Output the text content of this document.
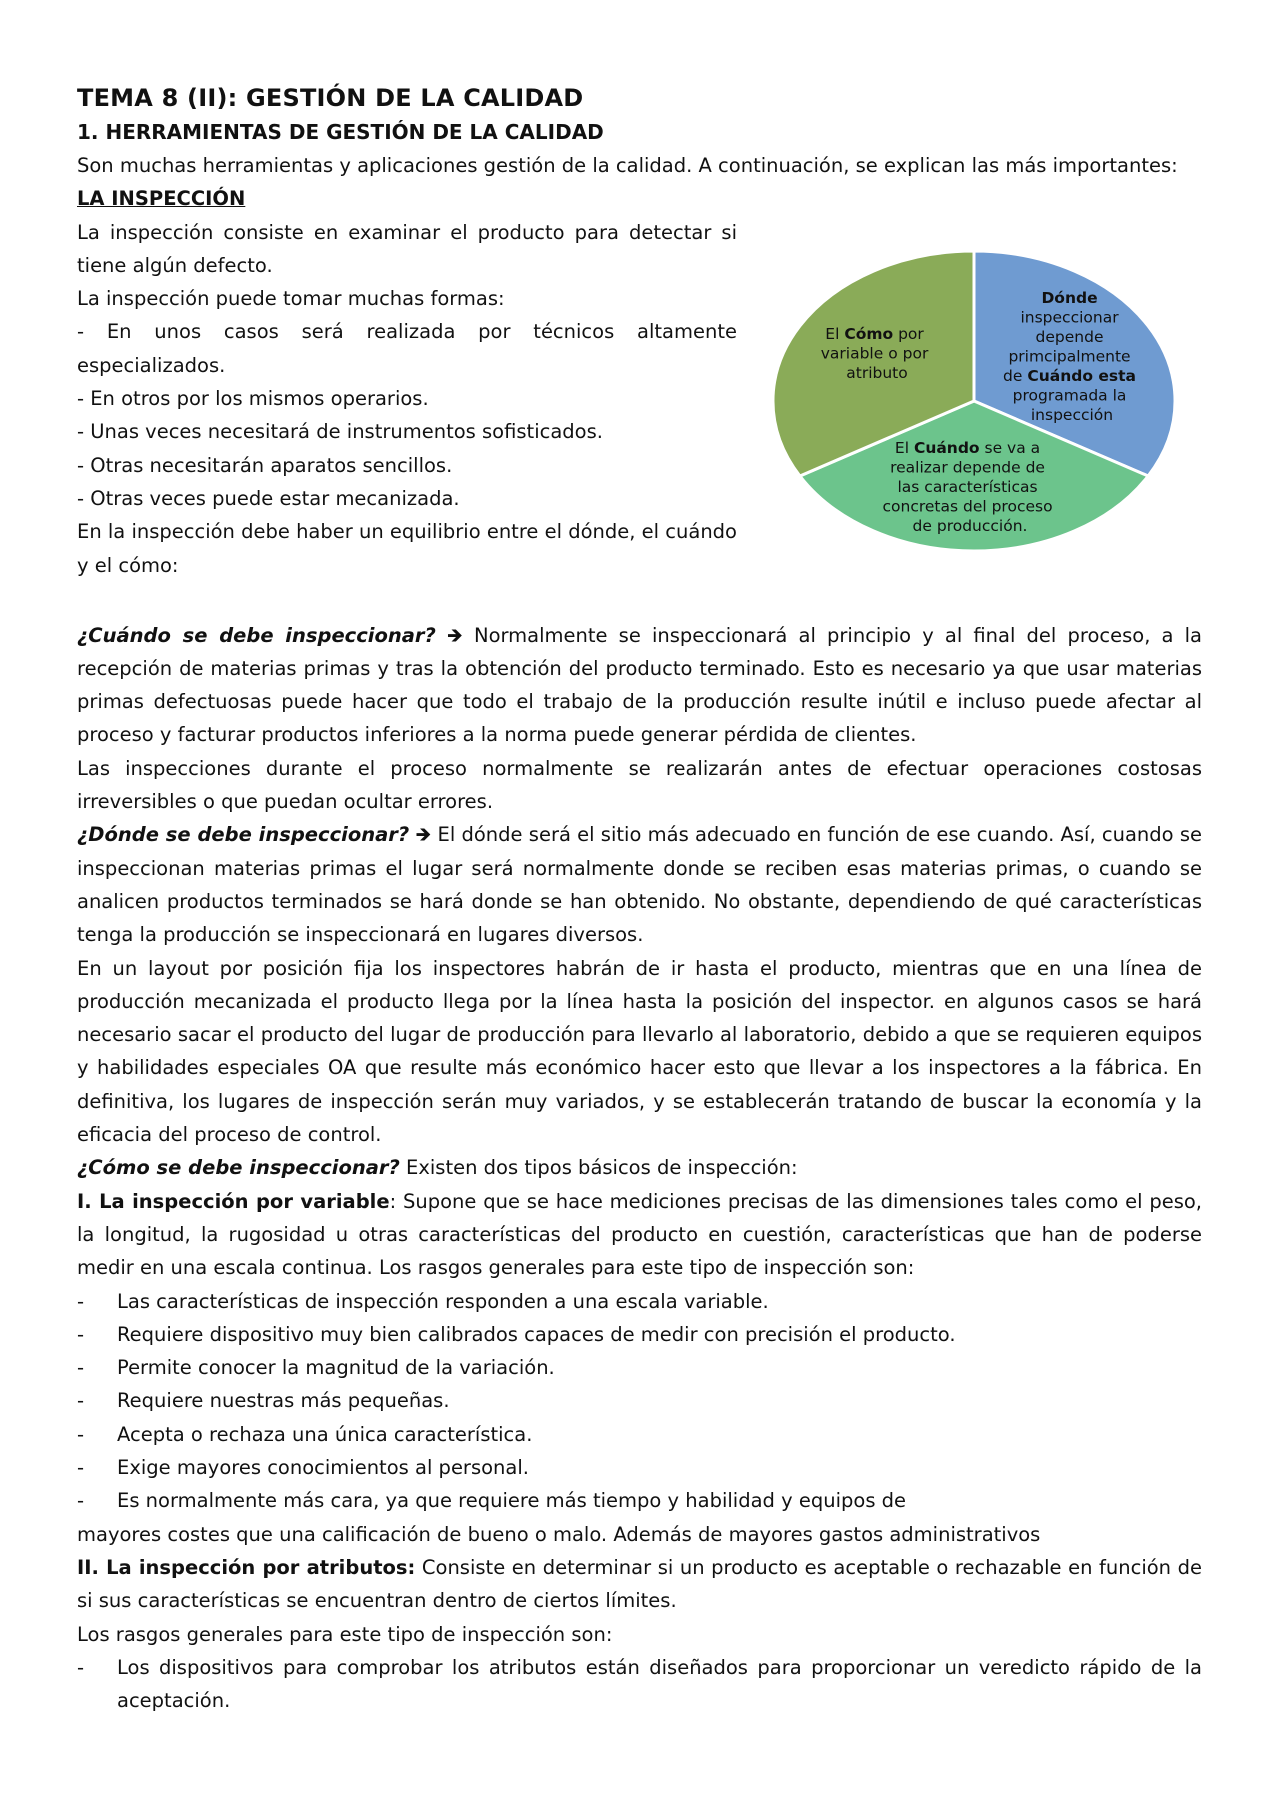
TEMA 8 (II): GESTIÓN DE LA CALIDAD
1. HERRAMIENTAS DE GESTIÓN DE LA CALIDAD
Son muchas herramientas y aplicaciones gestión de la calidad. A continuación, se explican las más importantes:
LA INSPECCIÓN
La inspección consiste en examinar el producto para detectar si tiene algún defecto.
La inspección puede tomar muchas formas:
- En unos casos será realizada por técnicos altamente especializados.
- En otros por los mismos operarios.
- Unas veces necesitará de instrumentos sofisticados.
- Otras necesitarán aparatos sencillos.
- Otras veces puede estar mecanizada.
En la inspección debe haber un equilibrio entre el dónde, el cuándo y el cómo:
El Cómo por variable o por atributo
Dónde inspeccionar depende primcipalmente de Cuándo esta programada la inspección
El Cuándo se va a realizar depende de las características concretas del proceso de producción.
¿Cuándo se debe inspeccionar? 🡺 Normalmente se inspeccionará al principio y al final del proceso, a la recepción de materias primas y tras la obtención del producto terminado. Esto es necesario ya que usar materias primas defectuosas puede hacer que todo el trabajo de la producción resulte inútil e incluso puede afectar al proceso y facturar productos inferiores a la norma puede generar pérdida de clientes.
Las inspecciones durante el proceso normalmente se realizarán antes de efectuar operaciones costosas irreversibles o que puedan ocultar errores.
¿Dónde se debe inspeccionar? 🡺 El dónde será el sitio más adecuado en función de ese cuando. Así, cuando se inspeccionan materias primas el lugar será normalmente donde se reciben esas materias primas, o cuando se analicen productos terminados se hará donde se han obtenido. No obstante, dependiendo de qué características tenga la producción se inspeccionará en lugares diversos.
En un layout por posición fija los inspectores habrán de ir hasta el producto, mientras que en una línea de producción mecanizada el producto llega por la línea hasta la posición del inspector. en algunos casos se hará necesario sacar el producto del lugar de producción para llevarlo al laboratorio, debido a que se requieren equipos y habilidades especiales OA que resulte más económico hacer esto que llevar a los inspectores a la fábrica. En definitiva, los lugares de inspección serán muy variados, y se establecerán tratando de buscar la economía y la eficacia del proceso de control.
¿Cómo se debe inspeccionar? Existen dos tipos básicos de inspección:
I. La inspección por variable: Supone que se hace mediciones precisas de las dimensiones tales como el peso, la longitud, la rugosidad u otras características del producto en cuestión, características que han de poderse medir en una escala continua. Los rasgos generales para este tipo de inspección son:
- Las características de inspección responden a una escala variable.
- Requiere dispositivo muy bien calibrados capaces de medir con precisión el producto.
- Permite conocer la magnitud de la variación.
- Requiere nuestras más pequeñas.
- Acepta o rechaza una única característica.
- Exige mayores conocimientos al personal.
- Es normalmente más cara, ya que requiere más tiempo y habilidad y equipos de
mayores costes que una calificación de bueno o malo. Además de mayores gastos administrativos
II. La inspección por atributos: Consiste en determinar si un producto es aceptable o rechazable en función de si sus características se encuentran dentro de ciertos límites.
Los rasgos generales para este tipo de inspección son:
- Los dispositivos para comprobar los atributos están diseñados para proporcionar un veredicto rápido de la aceptación.
